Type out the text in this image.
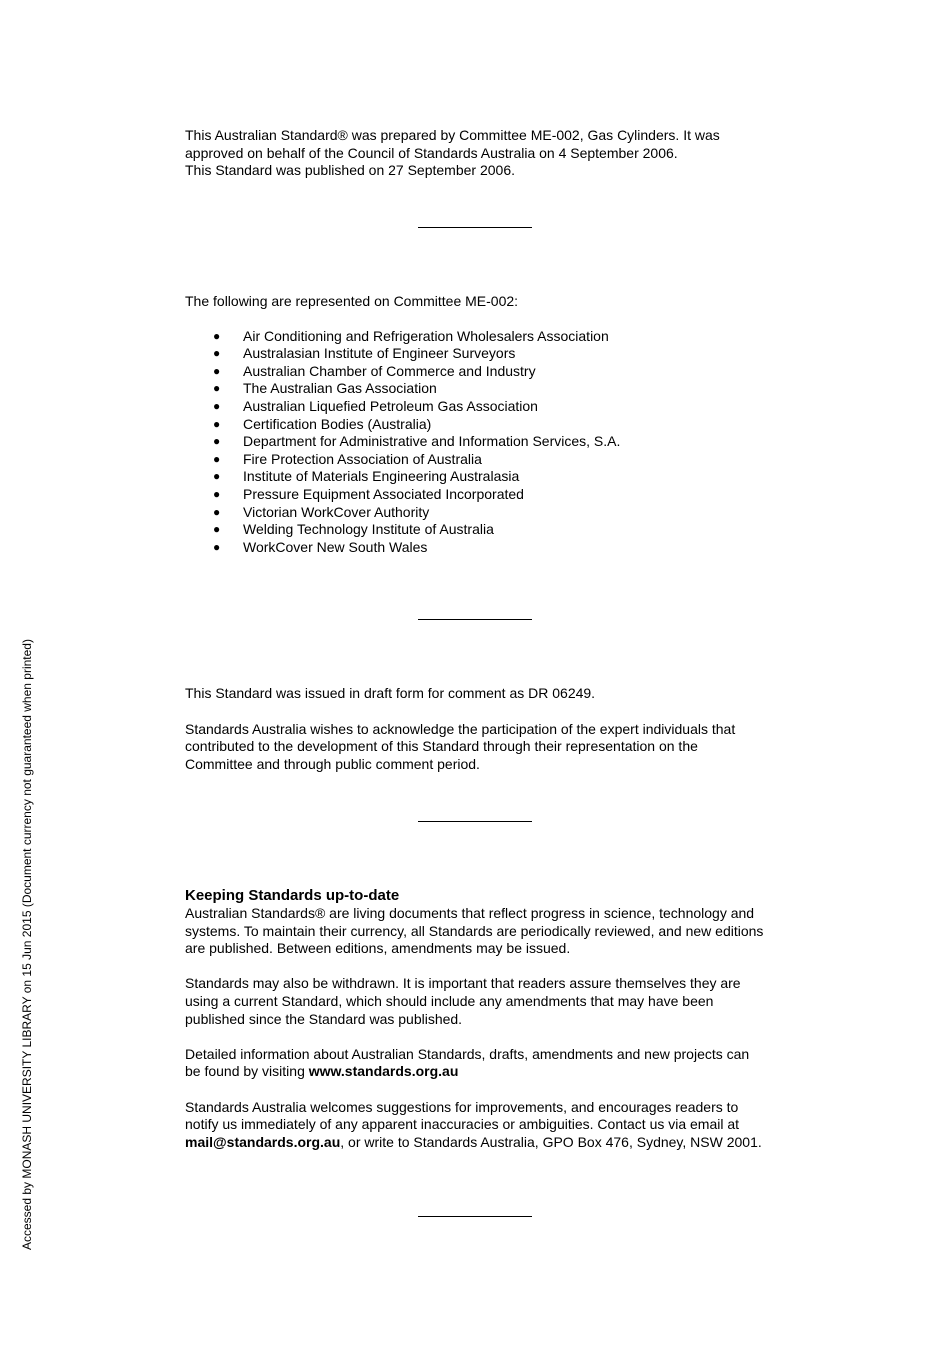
This Australian Standard® was prepared by Committee ME-002, Gas Cylinders. It was

approved on behalf of the Council of Standards Australia on 4 September 2006.

This Standard was published on 27 September 2006.

The following are represented on Committee ME-002:

● Air Conditioning and Refrigeration Wholesalers Association
● Australasian Institute of Engineer Surveyors
● Australian Chamber of Commerce and Industry
● The Australian Gas Association
● Australian Liquefied Petroleum Gas Association
● Certification Bodies (Australia)
● Department for Administrative and Information Services, S.A.
● Fire Protection Association of Australia
● Institute of Materials Engineering Australasia
● Pressure Equipment Associated Incorporated
● Victorian WorkCover Authority
● Welding Technology Institute of Australia
● WorkCover New South Wales

This Standard was issued in draft form for comment as DR 06249.

Standards Australia wishes to acknowledge the participation of the expert individuals that

contributed to the development of this Standard through their representation on the

Committee and through public comment period.

Keeping Standards up-to-date

Australian Standards® are living documents that reflect progress in science, technology and

systems. To maintain their currency, all Standards are periodically reviewed, and new editions

are published. Between editions, amendments may be issued.

Standards may also be withdrawn. It is important that readers assure themselves they are

using a current Standard, which should include any amendments that may have been

published since the Standard was published.

Detailed information about Australian Standards, drafts, amendments and new projects can

be found by visiting www.standards.org.au

Standards Australia welcomes suggestions for improvements, and encourages readers to

notify us immediately of any apparent inaccuracies or ambiguities. Contact us via email at

mail@standards.org.au, or write to Standards Australia, GPO Box 476, Sydney, NSW 2001.

Accessed by MONASH UNIVERSITY LIBRARY on 15 Jun 2015 (Document currency not guaranteed when printed)
